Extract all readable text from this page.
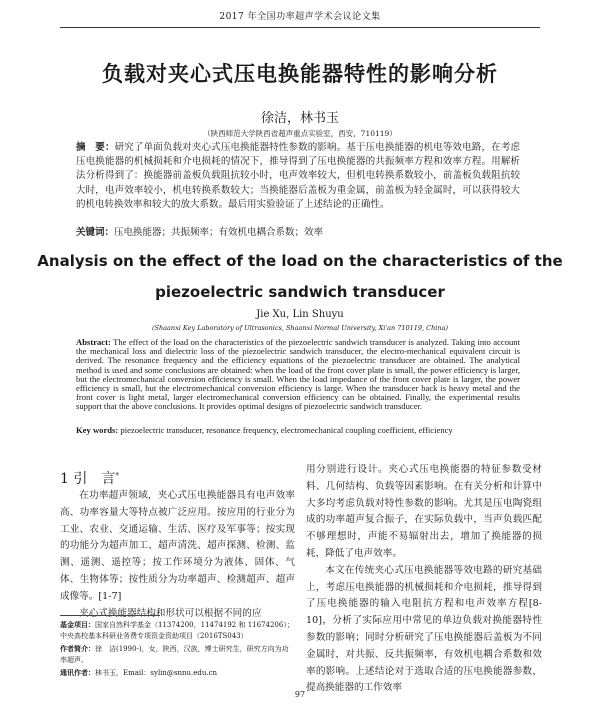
2017 年全国功率超声学术会议论文集
负载对夹心式压电换能器特性的影响分析
徐洁，林书玉
（陕西师范大学陕西省超声重点实验室，西安，710119）
摘　要：研究了单面负载对夹心式压电换能器特性参数的影响。基于压电换能器的机电等效电路，在考虑压电换能器的机械损耗和介电损耗的情况下，推导得到了压电换能器的共振频率方程和效率方程。用解析法分析得到了：换能器前盖板负载阻抗较小时，电声效率较大，但机电转换系数较小，前盖板负载阻抗较大时，电声效率较小，机电转换系数较大；当换能器后盖板为重金属，前盖板为轻金属时，可以获得较大的机电转换效率和较大的放大系数。最后用实验验证了上述结论的正确性。
关键词：压电换能器；共振频率；有效机电耦合系数；效率
Analysis on the effect of the load on the characteristics of the
piezoelectric sandwich transducer
Jie Xu, Lin Shuyu
(Shaanxi Key Laboratory of Ultrasonics, Shaanxi Normal University, Xi'an 710119, China)
Abstract: The effect of the load on the characteristics of the piezoelectric sandwich transducer is analyzed. Taking into account the mechanical loss and dielectric loss of the piezoelectric sandwich transducer, the electro-mechanical equivalent circuit is derived. The resonance frequency and the efficiency equations of the piezoelectric transducer are obtained. The analytical method is used and some conclusions are obtained: when the load of the front cover plate is small, the power efficiency is larger, but the electromechanical conversion efficiency is small. When the load impedance of the front cover plate is larger, the power efficiency is small, but the electromechanical conversion efficiency is large. When the transducer back is heavy metal and the front cover is light metal, larger electromechanical conversion efficiency can be obtained. Finally, the experimental results support that the above conclusions. It provides optimal designs of piezoelectric sandwich transducer.
Key words: piezoelectric transducer, resonance frequency, electromechanical coupling coefficient, efficiency
1 引　言*

在功率超声领域，夹心式压电换能器具有电声效率高、功率容量大等特点被广泛应用。按应用的行业分为工业、农业、交通运输、生活、医疗及军事等；按实现的功能分为超声加工、超声清洗、超声探测、检测、监测、遥测、遥控等；按工作环境分为液体、固体、气体、生物体等；按性质分为功率超声、检测超声、超声成像等。[1-7]

夹心式换能器结构和形状可以根据不同的应

用分别进行设计。夹心式压电换能器的特征参数受材料、几何结构、负载等因素影响。在有关分析和计算中大多均考虑负载对特性参数的影响。尤其是压电陶瓷组成的功率超声复合振子，在实际负载中，当声负载匹配不够理想时，声能不易辐射出去，增加了换能器的损耗，降低了电声效率。

本文在传统夹心式压电换能器等效电路的研究基础上，考虑压电换能器的机械损耗和介电损耗，推导得到了压电换能器的输入电阻抗方程和电声效率方程[8-10]，分析了实际应用中常见的单边负载对换能器特性参数的影响；同时分析研究了压电换能器后盖板为不同金属时，对共振、反共振频率，有效机电耦合系数和效率的影响。上述结论对于选取合适的压电换能器参数，提高换能器的工作效率

基金项目：国家自然科学基金（11374200，11474192 和 11674206）；中央高校基本科研业务费专项资金资助项目（2016TS043）
作者简介：徐　洁(1990-)，女，陕西，汉族，博士研究生，研究方向为功率超声。
通讯作者：林书玉，Email：sylin@snnu.edu.cn
97
